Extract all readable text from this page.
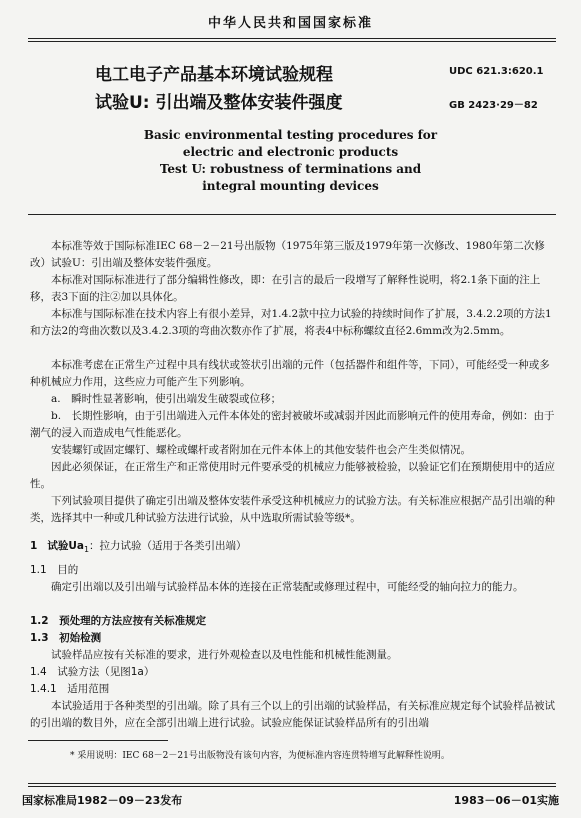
中华人民共和国国家标准
电工电子产品基本环境试验规程
试验U: 引出端及整体安装件强度
UDC 621.3:620.1
GB 2423·29－82
Basic environmental testing procedures for
electric and electronic products
Test U: robustness of terminations and
integral mounting devices
本标准等效于国际标准IEC 68－2－21号出版物（1975年第三版及1979年第一次修改、1980年第二次修改）试验U：引出端及整体安装件强度。
本标准对国际标准进行了部分编辑性修改，即：在引言的最后一段增写了解释性说明，将2.1条下面的注上移，表3下面的注②加以具体化。
本标准与国际标准在技术内容上有很小差异，对1.4.2款中拉力试验的持续时间作了扩展，3.4.2.2项的方法1和方法2的弯曲次数以及3.4.2.3项的弯曲次数亦作了扩展，将表4中标称螺纹直径2.6mm改为2.5mm。
本标准考虑在正常生产过程中具有线状或签状引出端的元件（包括器件和组件等，下同），可能经受一种或多种机械应力作用，这些应力可能产生下列影响。
a.　瞬时性显著影响，使引出端发生破裂或位移；
b.　长期性影响，由于引出端进入元件本体处的密封被破坏或减弱并因此而影响元件的使用寿命，例如：由于潮气的浸入而造成电气性能恶化。
安装螺钉或固定螺钉、螺栓或螺杆或者附加在元件本体上的其他安装件也会产生类似情况。
因此必须保证，在正常生产和正常使用时元件要承受的机械应力能够被检验，以验证它们在预期使用中的适应性。
下列试验项目提供了确定引出端及整体安装件承受这种机械应力的试验方法。有关标准应根据产品引出端的种类，选择其中一种或几种试验方法进行试验，从中选取所需试验等级*。
1 试验$Ua_1$：拉力试验（适用于各类引出端）
1.1　目的
确定引出端以及引出端与试验样品本体的连接在正常装配或修理过程中，可能经受的轴向拉力的能力。
1.2　预处理的方法应按有关标准规定
1.3　初始检测
试验样品应按有关标准的要求，进行外观检查以及电性能和机械性能测量。
1.4　试验方法（见图1a）
1.4.1　适用范围
本试验适用于各种类型的引出端。除了具有三个以上的引出端的试验样品，有关标准应规定每个试验样品被试的引出端的数目外，应在全部引出端上进行试验。试验应能保证试验样品所有的引出端
* 采用说明：IEC 68－2－21号出版物没有该句内容，为便标准内容连贯特增写此解释性说明。
国家标准局1982－09－23发布	1983－06－01实施
